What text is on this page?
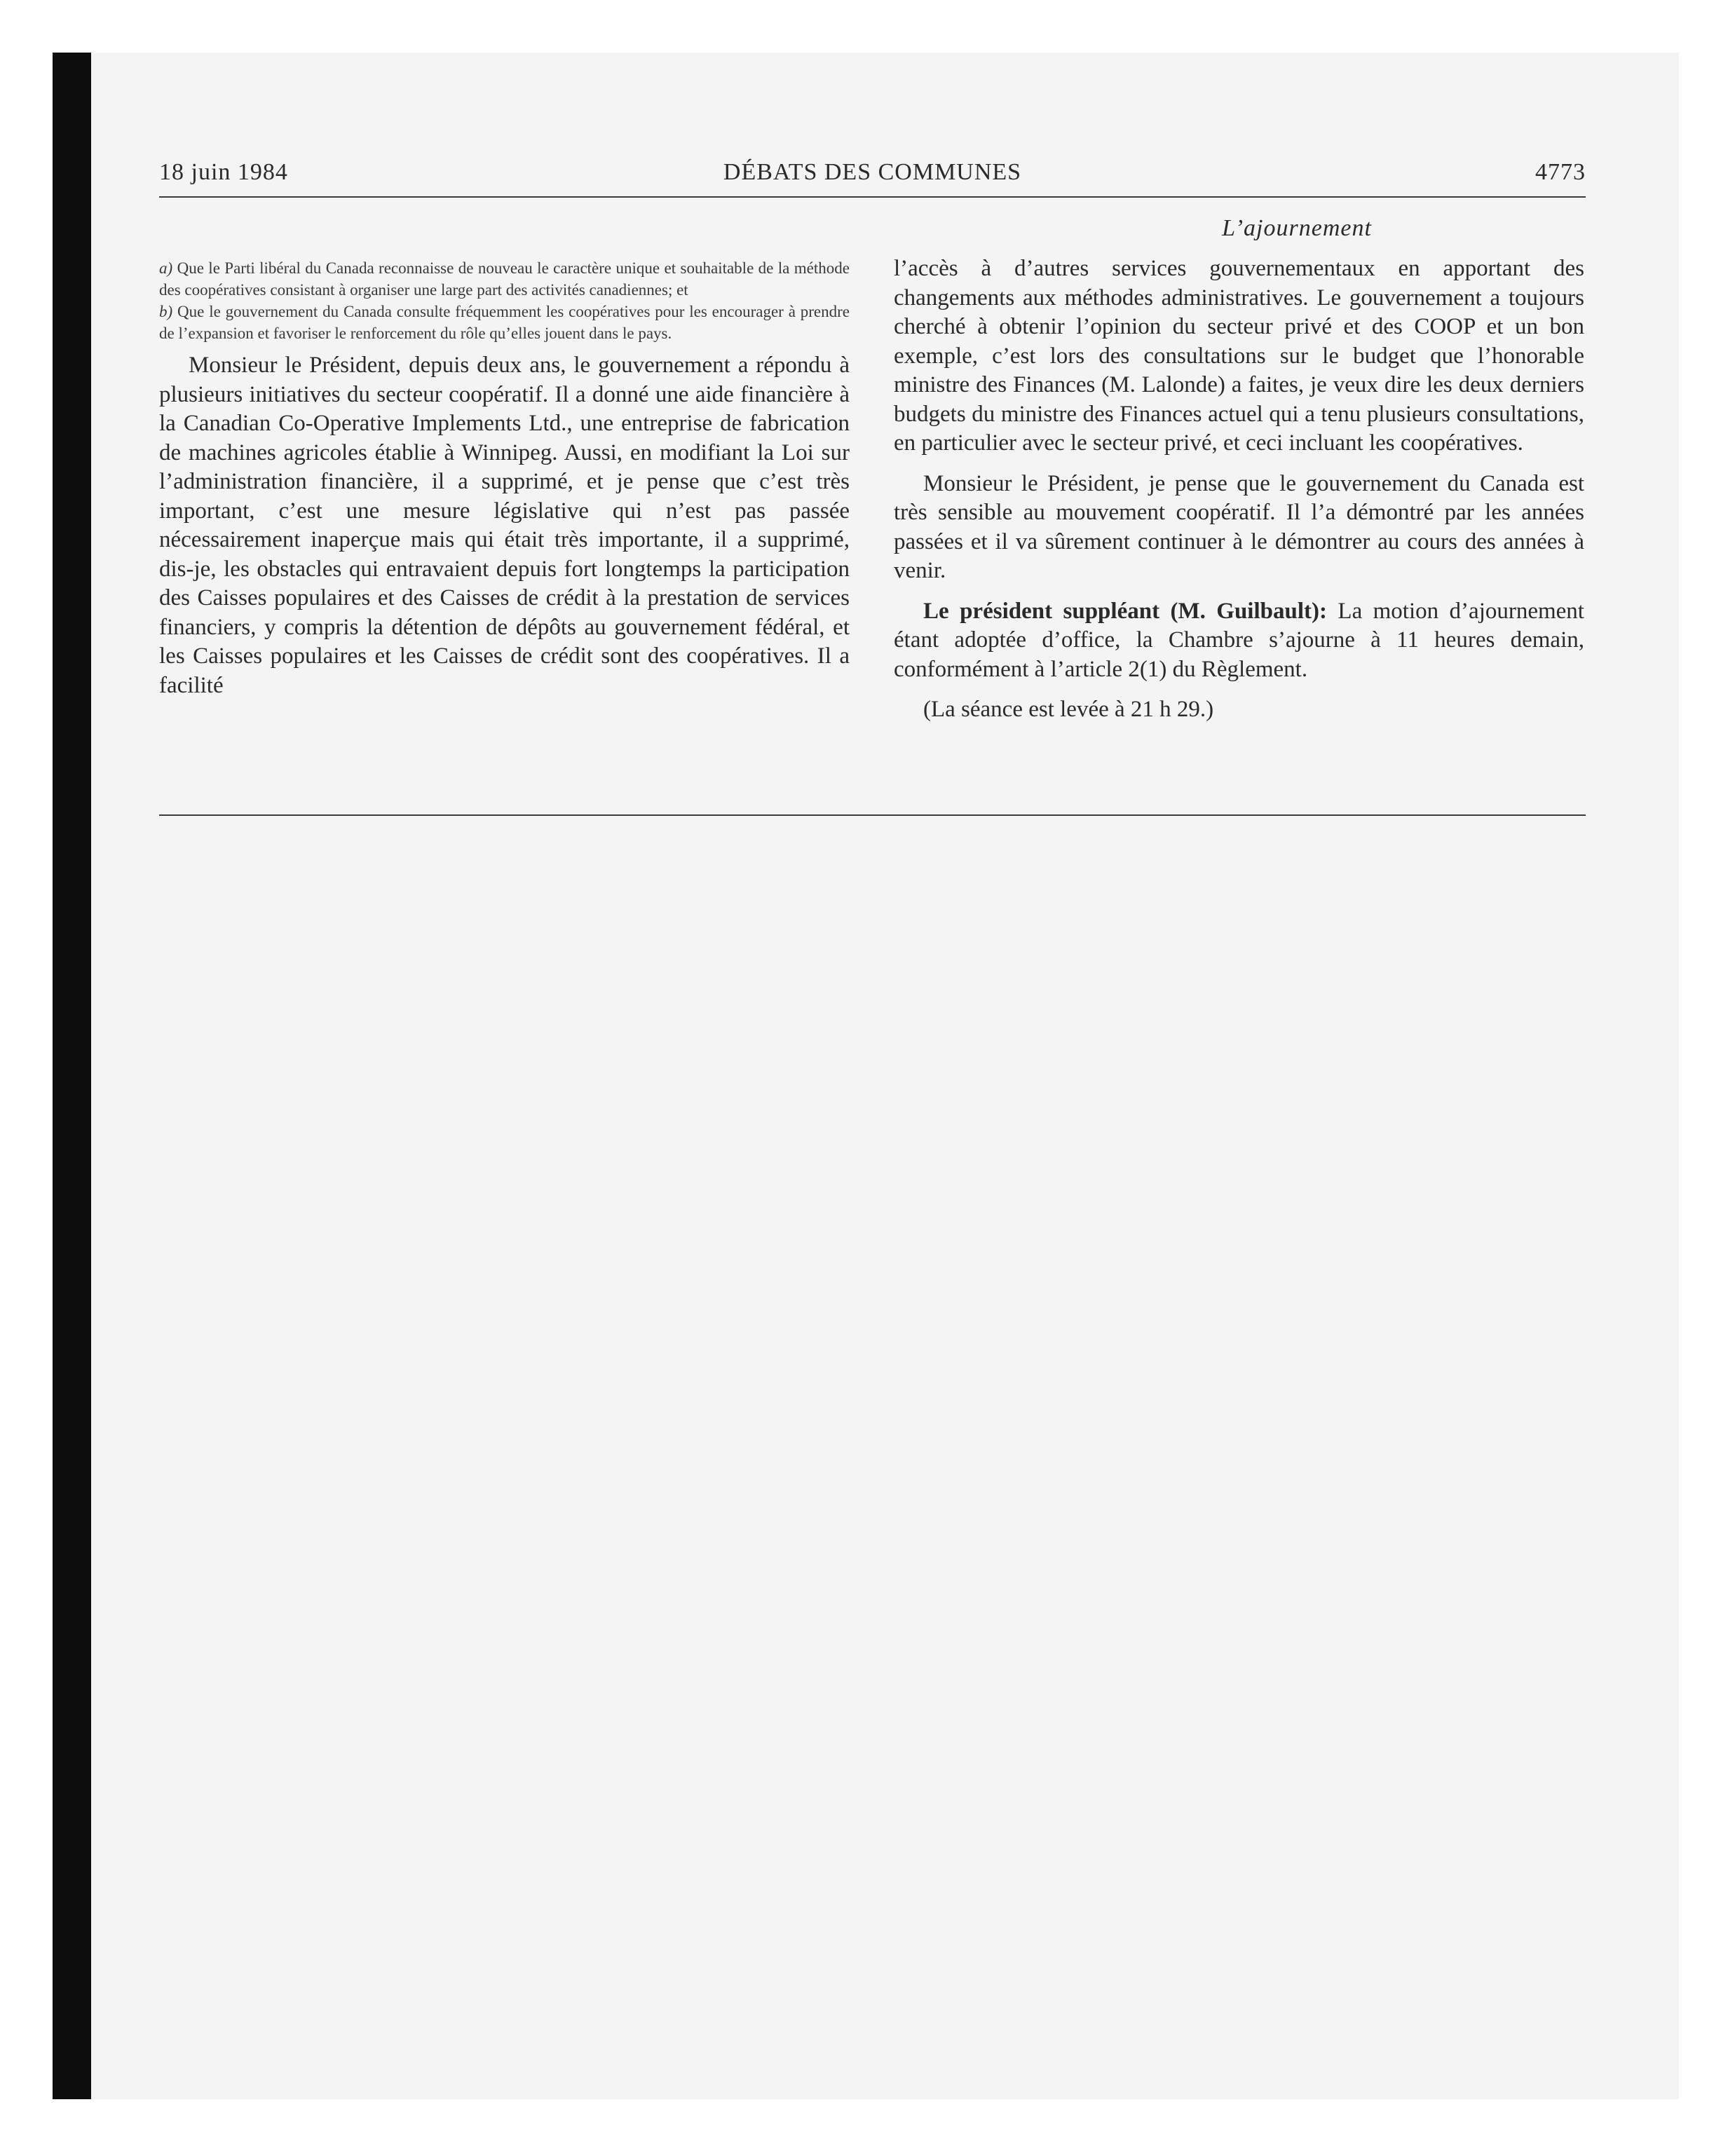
18 juin 1984	DÉBATS DES COMMUNES	4773
L’ajournement

a) Que le Parti libéral du Canada reconnaisse de nouveau le caractère unique et souhaitable de la méthode des coopératives consistant à organiser une large part des activités canadiennes; et

b) Que le gouvernement du Canada consulte fréquemment les coopératives pour les encourager à prendre de l’expansion et favoriser le renforcement du rôle qu’elles jouent dans le pays.

Monsieur le Président, depuis deux ans, le gouvernement a répondu à plusieurs initiatives du secteur coopératif. Il a donné une aide financière à la Canadian Co-Operative Implements Ltd., une entreprise de fabrication de machines agricoles établie à Winnipeg. Aussi, en modifiant la Loi sur l’administration financière, il a supprimé, et je pense que c’est très important, c’est une mesure législative qui n’est pas passée nécessairement inaperçue mais qui était très importante, il a supprimé, dis-je, les obstacles qui entravaient depuis fort longtemps la participation des Caisses populaires et des Caisses de crédit à la prestation de services financiers, y compris la détention de dépôts au gouvernement fédéral, et les Caisses populaires et les Caisses de crédit sont des coopératives. Il a facilité

l’accès à d’autres services gouvernementaux en apportant des changements aux méthodes administratives. Le gouvernement a toujours cherché à obtenir l’opinion du secteur privé et des COOP et un bon exemple, c’est lors des consultations sur le budget que l’honorable ministre des Finances (M. Lalonde) a faites, je veux dire les deux derniers budgets du ministre des Finances actuel qui a tenu plusieurs consultations, en particulier avec le secteur privé, et ceci incluant les coopératives.

Monsieur le Président, je pense que le gouvernement du Canada est très sensible au mouvement coopératif. Il l’a démontré par les années passées et il va sûrement continuer à le démontrer au cours des années à venir.

Le président suppléant (M. Guilbault): La motion d’ajournement étant adoptée d’office, la Chambre s’ajourne à 11 heures demain, conformément à l’article 2(1) du Règlement.

(La séance est levée à 21 h 29.)
